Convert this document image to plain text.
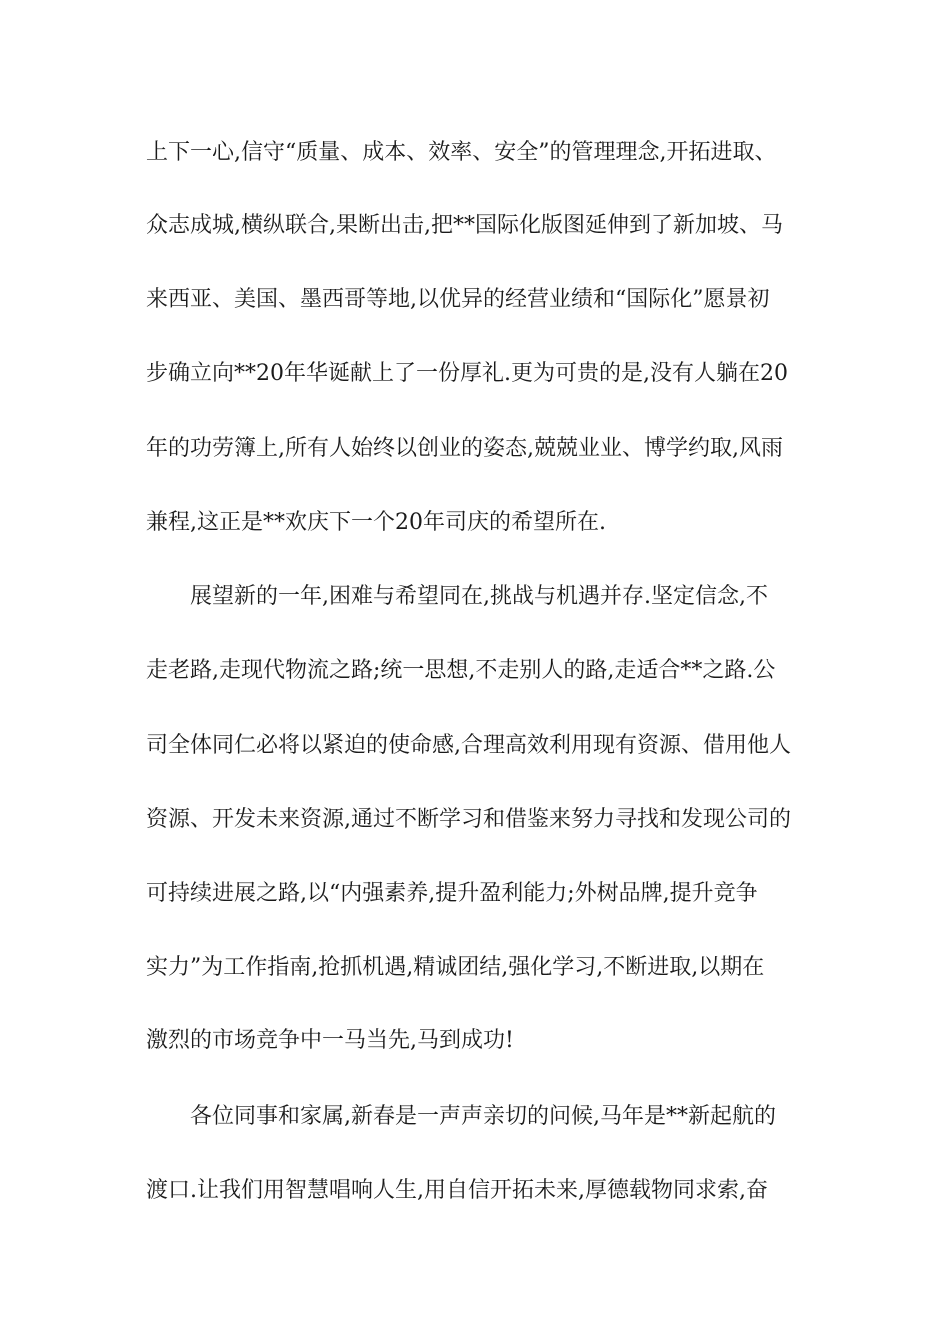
上下一心,信守“质量、成本、效率、安全”的管理理念,开拓进取、
众志成城,横纵联合,果断出击,把**国际化版图延伸到了新加坡、马
来西亚、美国、墨西哥等地,以优异的经营业绩和“国际化”愿景初
步确立向**20年华诞献上了一份厚礼.更为可贵的是,没有人躺在20
年的功劳簿上,所有人始终以创业的姿态,兢兢业业、博学约取,风雨
兼程,这正是**欢庆下一个20年司庆的希望所在.
展望新的一年,困难与希望同在,挑战与机遇并存.坚定信念,不
走老路,走现代物流之路;统一思想,不走别人的路,走适合**之路.公
司全体同仁必将以紧迫的使命感,合理高效利用现有资源、借用他人
资源、开发未来资源,通过不断学习和借鉴来努力寻找和发现公司的
可持续进展之路,以“内强素养,提升盈利能力;外树品牌,提升竞争
实力”为工作指南,抢抓机遇,精诚团结,强化学习,不断进取,以期在
激烈的市场竞争中一马当先,马到成功!
各位同事和家属,新春是一声声亲切的问候,马年是**新起航的
渡口.让我们用智慧唱响人生,用自信开拓未来,厚德载物同求索,奋
